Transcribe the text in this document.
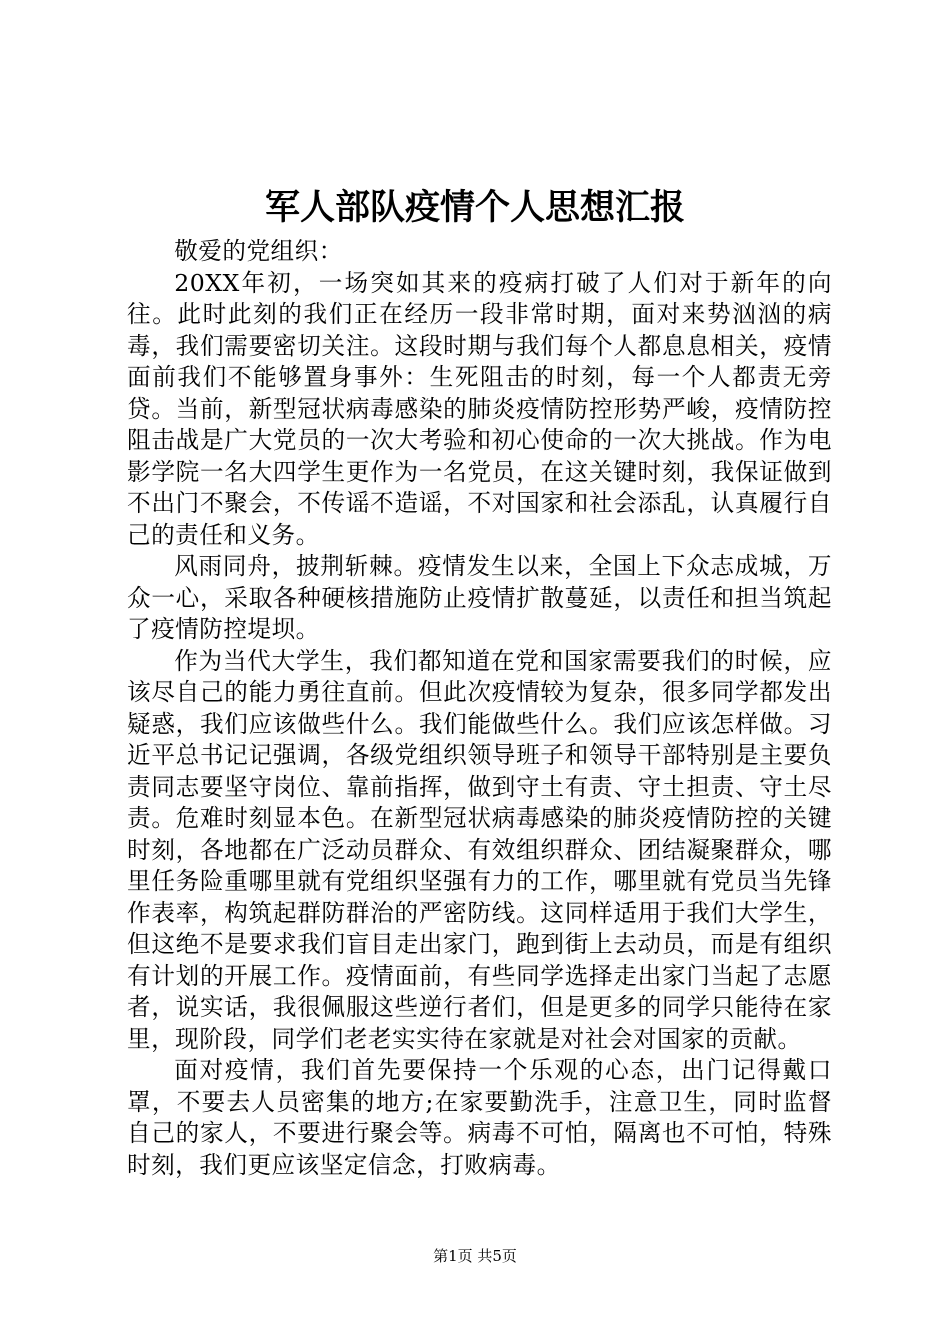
军人部队疫情个人思想汇报

敬爱的党组织：

20XX年初，一场突如其来的疫病打破了人们对于新年的向往。此时此刻的我们正在经历一段非常时期，面对来势汹汹的病毒，我们需要密切关注。这段时期与我们每个人都息息相关，疫情面前我们不能够置身事外：生死阻击的时刻，每一个人都责无旁贷。当前，新型冠状病毒感染的肺炎疫情防控形势严峻，疫情防控阻击战是广大党员的一次大考验和初心使命的一次大挑战。作为电影学院一名大四学生更作为一名党员，在这关键时刻，我保证做到不出门不聚会，不传谣不造谣，不对国家和社会添乱，认真履行自己的责任和义务。

风雨同舟，披荆斩棘。疫情发生以来，全国上下众志成城，万众一心，采取各种硬核措施防止疫情扩散蔓延，以责任和担当筑起了疫情防控堤坝。

作为当代大学生，我们都知道在党和国家需要我们的时候，应该尽自己的能力勇往直前。但此次疫情较为复杂，很多同学都发出疑惑，我们应该做些什么。我们能做些什么。我们应该怎样做。习近平总书记记强调，各级党组织领导班子和领导干部特别是主要负责同志要坚守岗位、靠前指挥，做到守土有责、守土担责、守土尽责。危难时刻显本色。在新型冠状病毒感染的肺炎疫情防控的关键时刻，各地都在广泛动员群众、有效组织群众、团结凝聚群众，哪里任务险重哪里就有党组织坚强有力的工作，哪里就有党员当先锋作表率，构筑起群防群治的严密防线。这同样适用于我们大学生，但这绝不是要求我们盲目走出家门，跑到街上去动员，而是有组织有计划的开展工作。疫情面前，有些同学选择走出家门当起了志愿者，说实话，我很佩服这些逆行者们，但是更多的同学只能待在家里，现阶段，同学们老老实实待在家就是对社会对国家的贡献。

面对疫情，我们首先要保持一个乐观的心态，出门记得戴口罩，不要去人员密集的地方;在家要勤洗手，注意卫生，同时监督自己的家人，不要进行聚会等。病毒不可怕，隔离也不可怕，特殊时刻，我们更应该坚定信念，打败病毒。

第1页 共5页
